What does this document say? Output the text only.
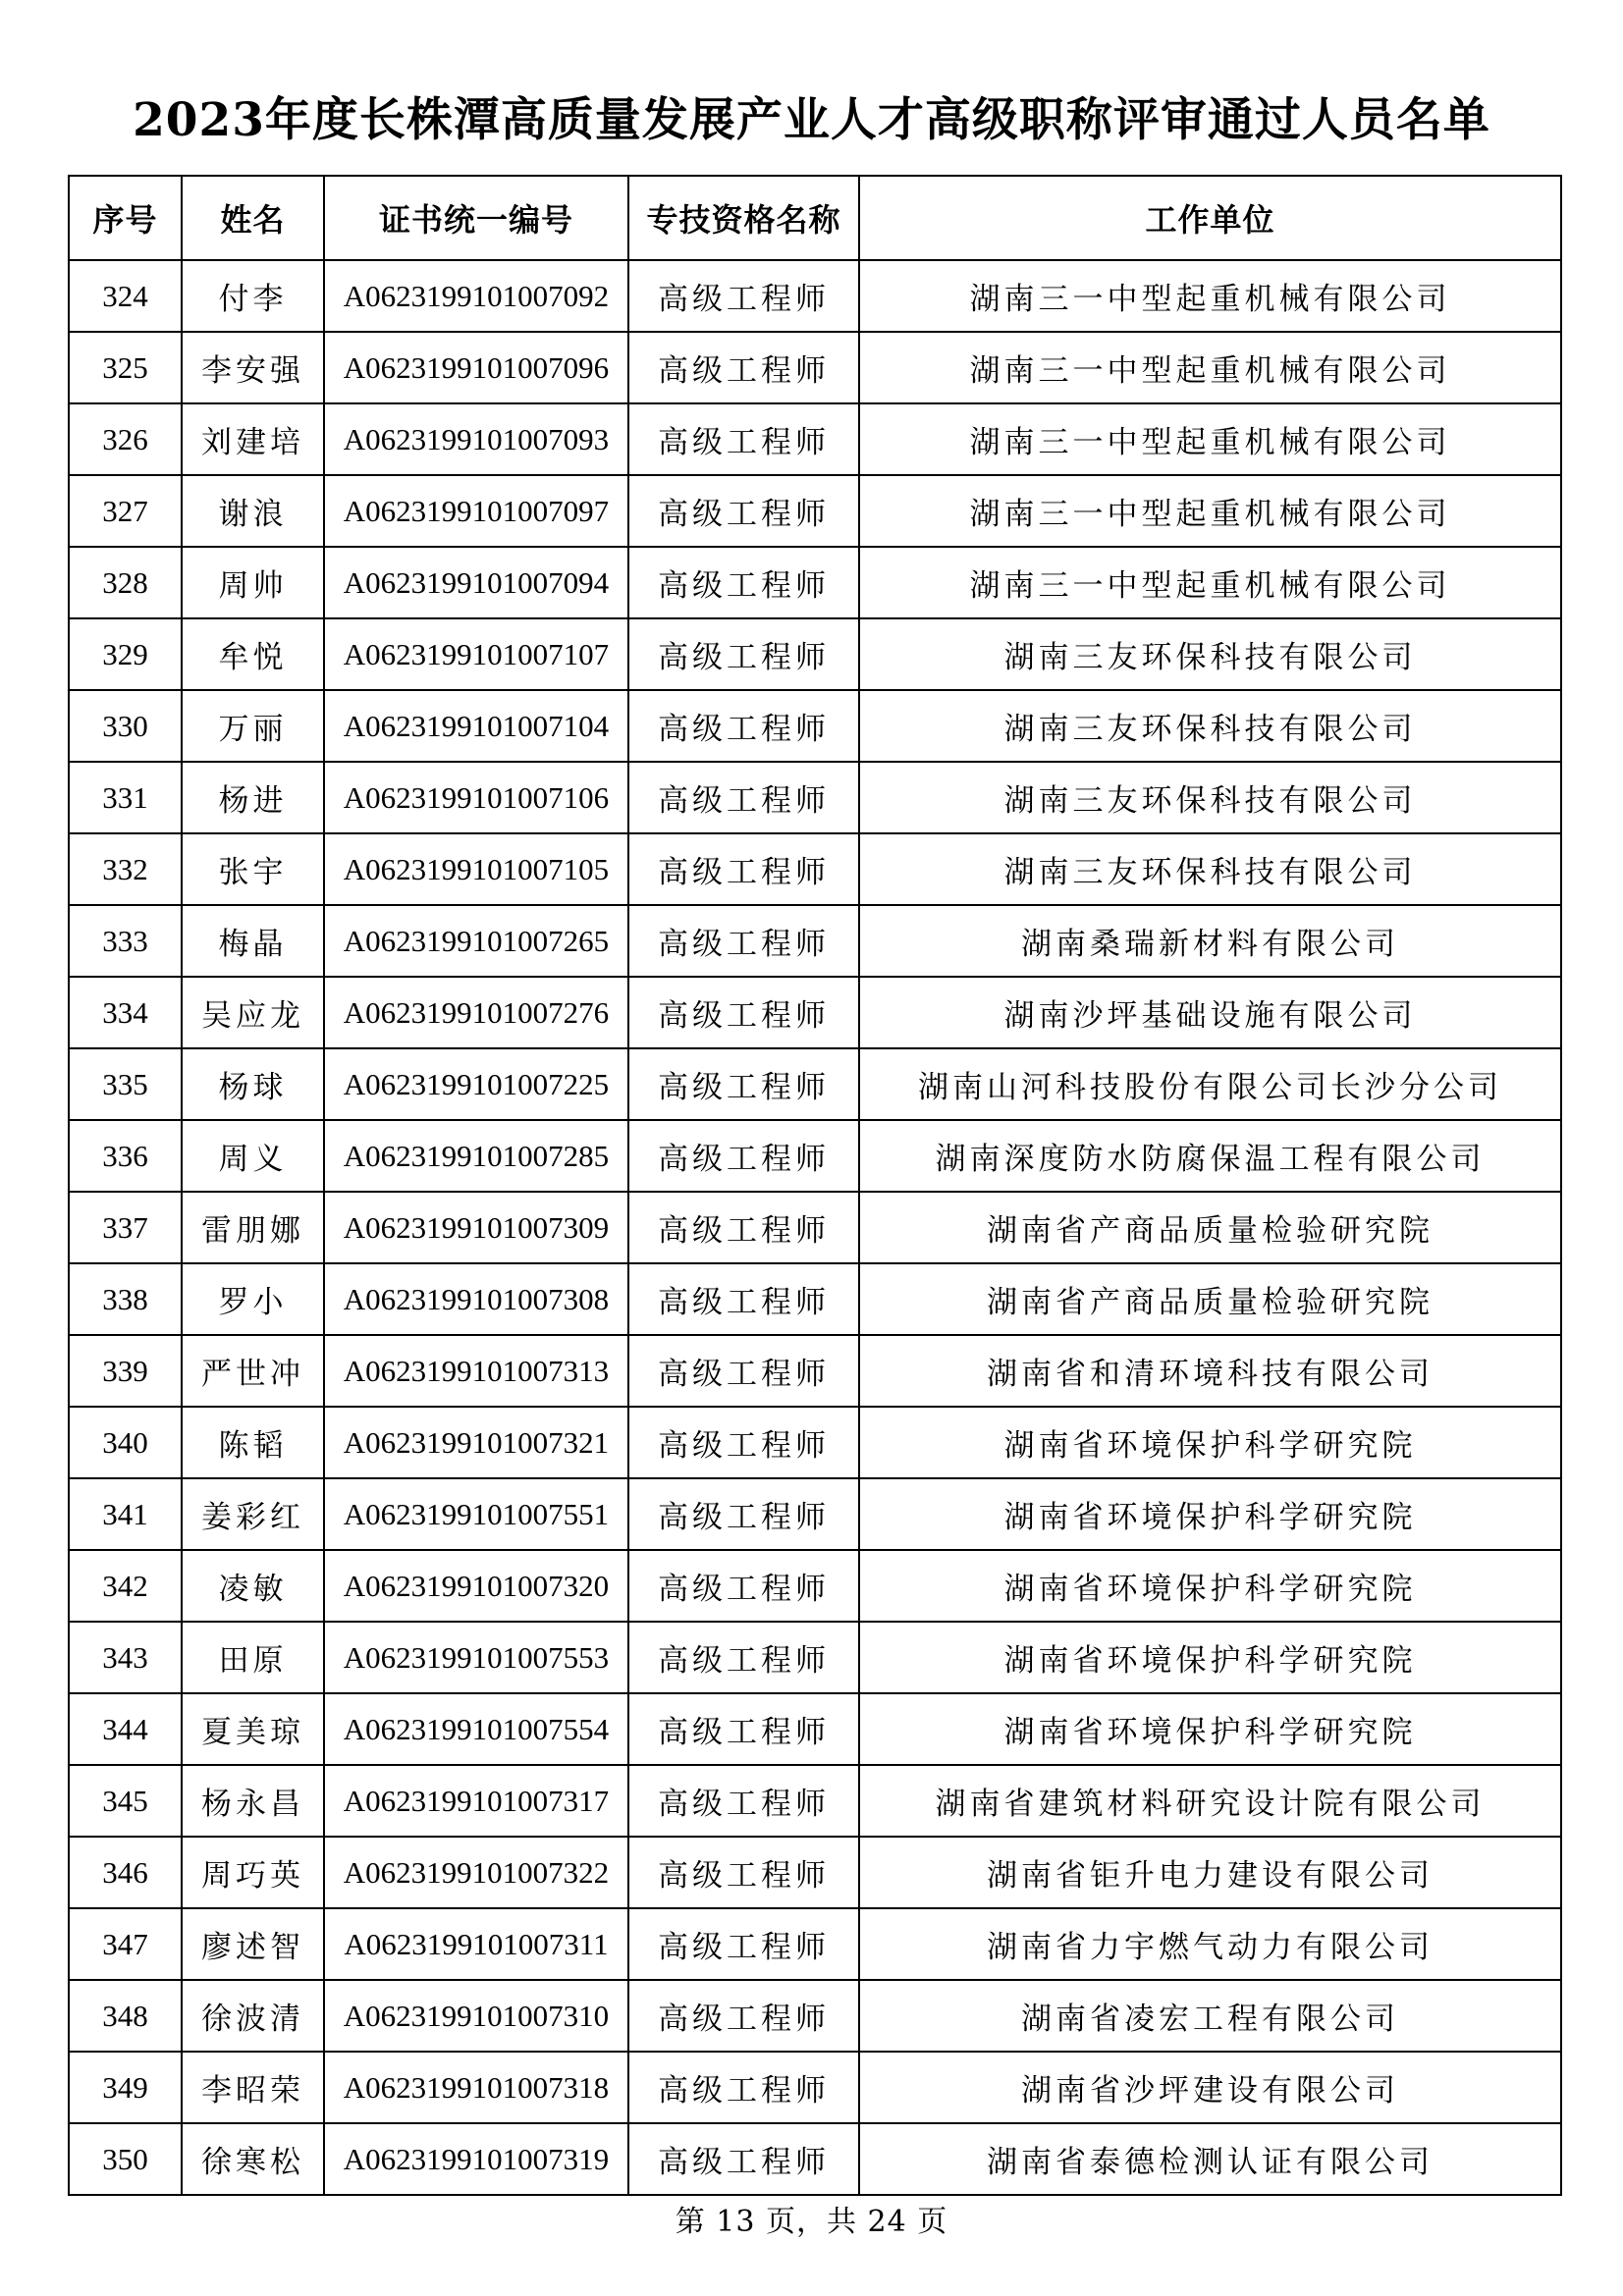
2023年度长株潭高质量发展产业人才高级职称评审通过人员名单
序号	姓名	证书统一编号	专技资格名称	工作单位
324	付李	A0623199101007092	高级工程师	湖南三一中型起重机械有限公司
325	李安强	A0623199101007096	高级工程师	湖南三一中型起重机械有限公司
326	刘建培	A0623199101007093	高级工程师	湖南三一中型起重机械有限公司
327	谢浪	A0623199101007097	高级工程师	湖南三一中型起重机械有限公司
328	周帅	A0623199101007094	高级工程师	湖南三一中型起重机械有限公司
329	牟悦	A0623199101007107	高级工程师	湖南三友环保科技有限公司
330	万丽	A0623199101007104	高级工程师	湖南三友环保科技有限公司
331	杨进	A0623199101007106	高级工程师	湖南三友环保科技有限公司
332	张宇	A0623199101007105	高级工程师	湖南三友环保科技有限公司
333	梅晶	A0623199101007265	高级工程师	湖南桑瑞新材料有限公司
334	吴应龙	A0623199101007276	高级工程师	湖南沙坪基础设施有限公司
335	杨球	A0623199101007225	高级工程师	湖南山河科技股份有限公司长沙分公司
336	周义	A0623199101007285	高级工程师	湖南深度防水防腐保温工程有限公司
337	雷朋娜	A0623199101007309	高级工程师	湖南省产商品质量检验研究院
338	罗小	A0623199101007308	高级工程师	湖南省产商品质量检验研究院
339	严世冲	A0623199101007313	高级工程师	湖南省和清环境科技有限公司
340	陈韬	A0623199101007321	高级工程师	湖南省环境保护科学研究院
341	姜彩红	A0623199101007551	高级工程师	湖南省环境保护科学研究院
342	凌敏	A0623199101007320	高级工程师	湖南省环境保护科学研究院
343	田原	A0623199101007553	高级工程师	湖南省环境保护科学研究院
344	夏美琼	A0623199101007554	高级工程师	湖南省环境保护科学研究院
345	杨永昌	A0623199101007317	高级工程师	湖南省建筑材料研究设计院有限公司
346	周巧英	A0623199101007322	高级工程师	湖南省钜升电力建设有限公司
347	廖述智	A0623199101007311	高级工程师	湖南省力宇燃气动力有限公司
348	徐波清	A0623199101007310	高级工程师	湖南省凌宏工程有限公司
349	李昭荣	A0623199101007318	高级工程师	湖南省沙坪建设有限公司
350	徐寒松	A0623199101007319	高级工程师	湖南省泰德检测认证有限公司
第 13 页，共 24 页
